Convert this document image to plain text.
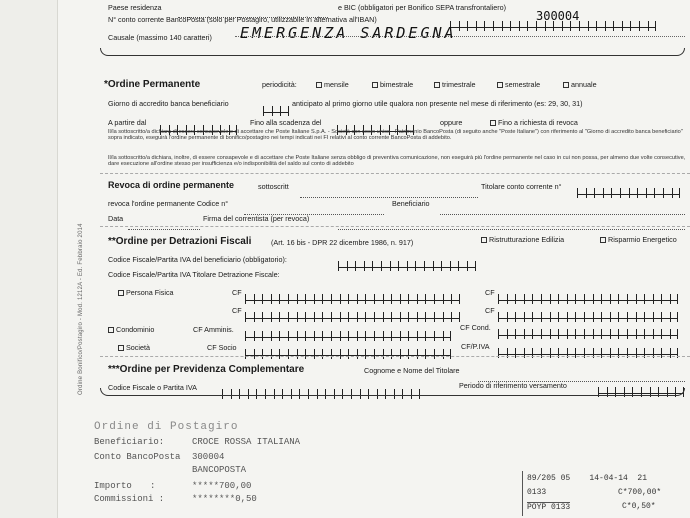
Ordine Bonifico/Postagiro - Mod. 1212A - Ed. Febbraio 2014
Paese residenza	e BIC (obbligatori per Bonifico SEPA transfrontaliero)
N° conto corrente BancoPosta (solo per Postagiro, utilizzabile in alternativa all'IBAN)	300004
Causale (massimo 140 caratteri) EMERGENZA SARDEGNA
*Ordine Permanente	periodicità:	mensile	bimestrale	trimestrale	semestrale	annuale
Giorno di accredito banca beneficiario	anticipato al primo giorno utile qualora non presente nel mese di riferimento (es: 29, 30, 31)
A partire dal	Fino alla scadenza del	oppure	Fino a richiesta di revoca
Il/la sottoscritto/a dichiara di essere consapevole e di accettare che Poste Italiane S.p.A. - Società con socio unico - Patrimonio BancoPosta (di seguito anche "Poste Italiane") con riferimento al "Giorno di accredito banca beneficiario" sopra indicato, eseguirà l'ordine permanente di bonifico/postagiro nei tempi indicati nei FI relativi al conto corrente BancoPosta di addebito.
Il/la sottoscritto/a dichiara, inoltre, di essere consapevole e di accettare che Poste Italiane senza obbligo di preventiva comunicazione, non eseguirà più l'ordine permanente nel caso in cui non possa, per almeno due volte consecutive, dare esecuzione all'ordine stesso per insufficienza e/o indisponibilità del saldo sul conto di addebito
Revoca di ordine permanente	sottoscritt	Titolare conto corrente n°
revoca l'ordine permanente Codice n°	Beneficiario
Data	Firma del correntista (per revoca)
**Ordine per Detrazioni Fiscali	(Art. 16 bis - DPR 22 dicembre 1986, n. 917)	Ristrutturazione Edilizia	Risparmio Energetico
Codice Fiscale/Partita IVA del beneficiario (obbligatorio):
Codice Fiscale/Partita IVA Titolare Detrazione Fiscale:
Persona Fisica	CF	CF
CF	CF
Condominio	CF Amminis.	CF Cond.
Società	CF Socio	CF/P.IVA
***Ordine per Previdenza Complementare	Cognome e Nome del Titolare
Codice Fiscale o Partita IVA	Periodo di riferimento versamento
Ordine di Postagiro
Beneficiario:	CROCE ROSSA ITALIANA
Conto BancoPosta 300004
BANCOPOSTA
Importo :	*****700,00
Commissioni :	********0,50
89/205 05    14-04-14  21
0133	C*700,00*
POYP 0133	C*0,50*
